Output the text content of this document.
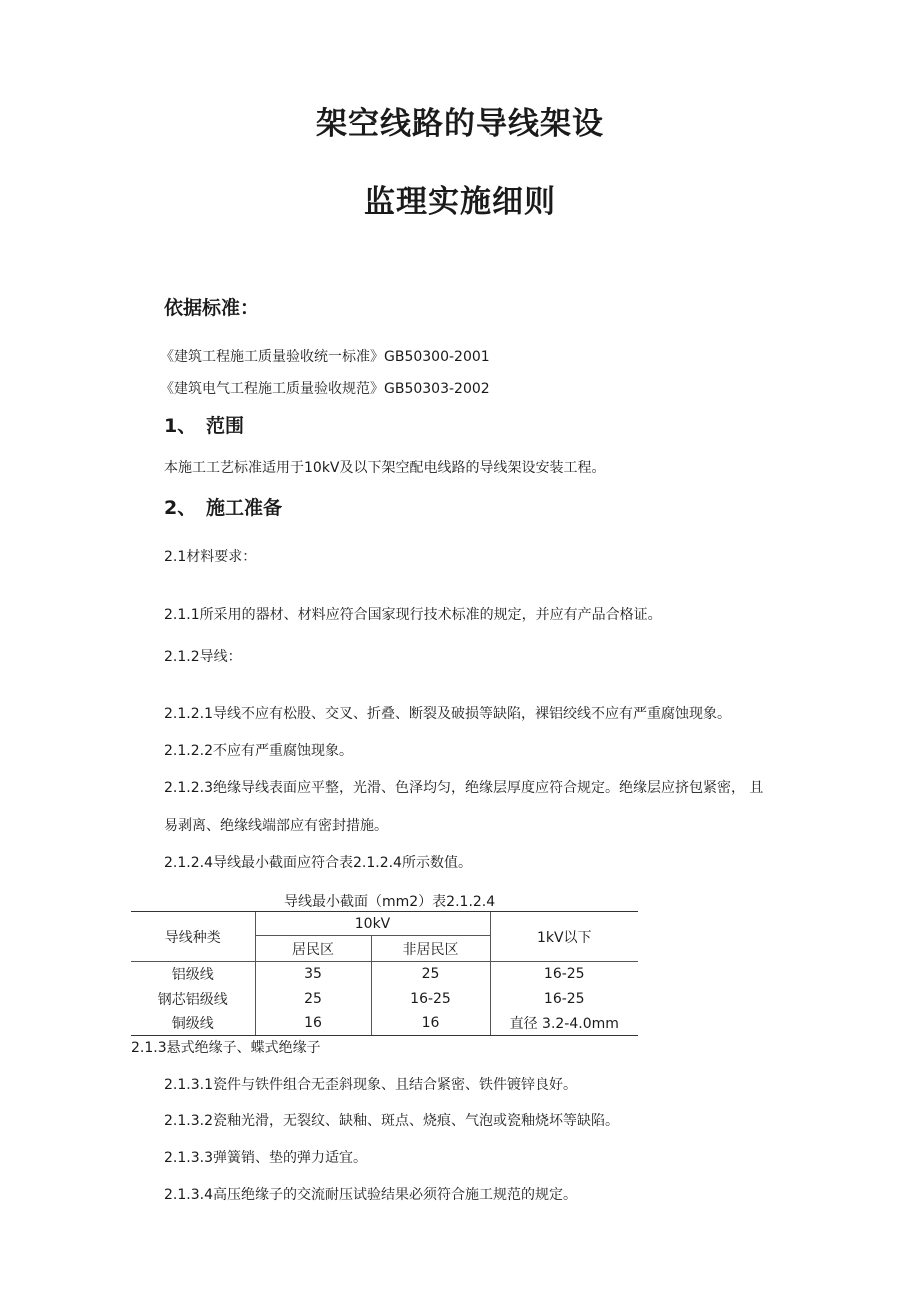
架空线路的导线架设
监理实施细则
依据标准：
《建筑工程施工质量验收统一标准》GB50300-2001
《建筑电气工程施工质量验收规范》GB50303-2002
1、 范围
本施工工艺标准适用于10kV及以下架空配电线路的导线架设安装工程。
2、 施工准备
2.1材料要求：
2.1.1所采用的器材、材料应符合国家现行技术标准的规定，并应有产品合格证。
2.1.2导线：
2.1.2.1导线不应有松股、交叉、折叠、断裂及破损等缺陷，裸铝绞线不应有严重腐蚀现象。
2.1.2.2不应有严重腐蚀现象。
2.1.2.3绝缘导线表面应平整，光滑、色泽均匀，绝缘层厚度应符合规定。绝缘层应挤包紧密， 且
易剥离、绝缘线端部应有密封措施。
2.1.2.4导线最小截面应符合表2.1.2.4所示数值。
导线最小截面（mm2）表2.1.2.4
导线种类	10kV		1kV以下
	居民区	非居民区	
铝级线	35	25	16-25
钢芯铝级线	25	16-25	16-25
铜级线	16	16	直径 3.2-4.0mm
2.1.3悬式绝缘子、蝶式绝缘子
2.1.3.1瓷件与铁件组合无歪斜现象、且结合紧密、铁件镀锌良好。
2.1.3.2瓷釉光滑，无裂纹、缺釉、斑点、烧痕、气泡或瓷釉烧坏等缺陷。
2.1.3.3弹簧销、垫的弹力适宜。
2.1.3.4高压绝缘子的交流耐压试验结果必须符合施工规范的规定。
